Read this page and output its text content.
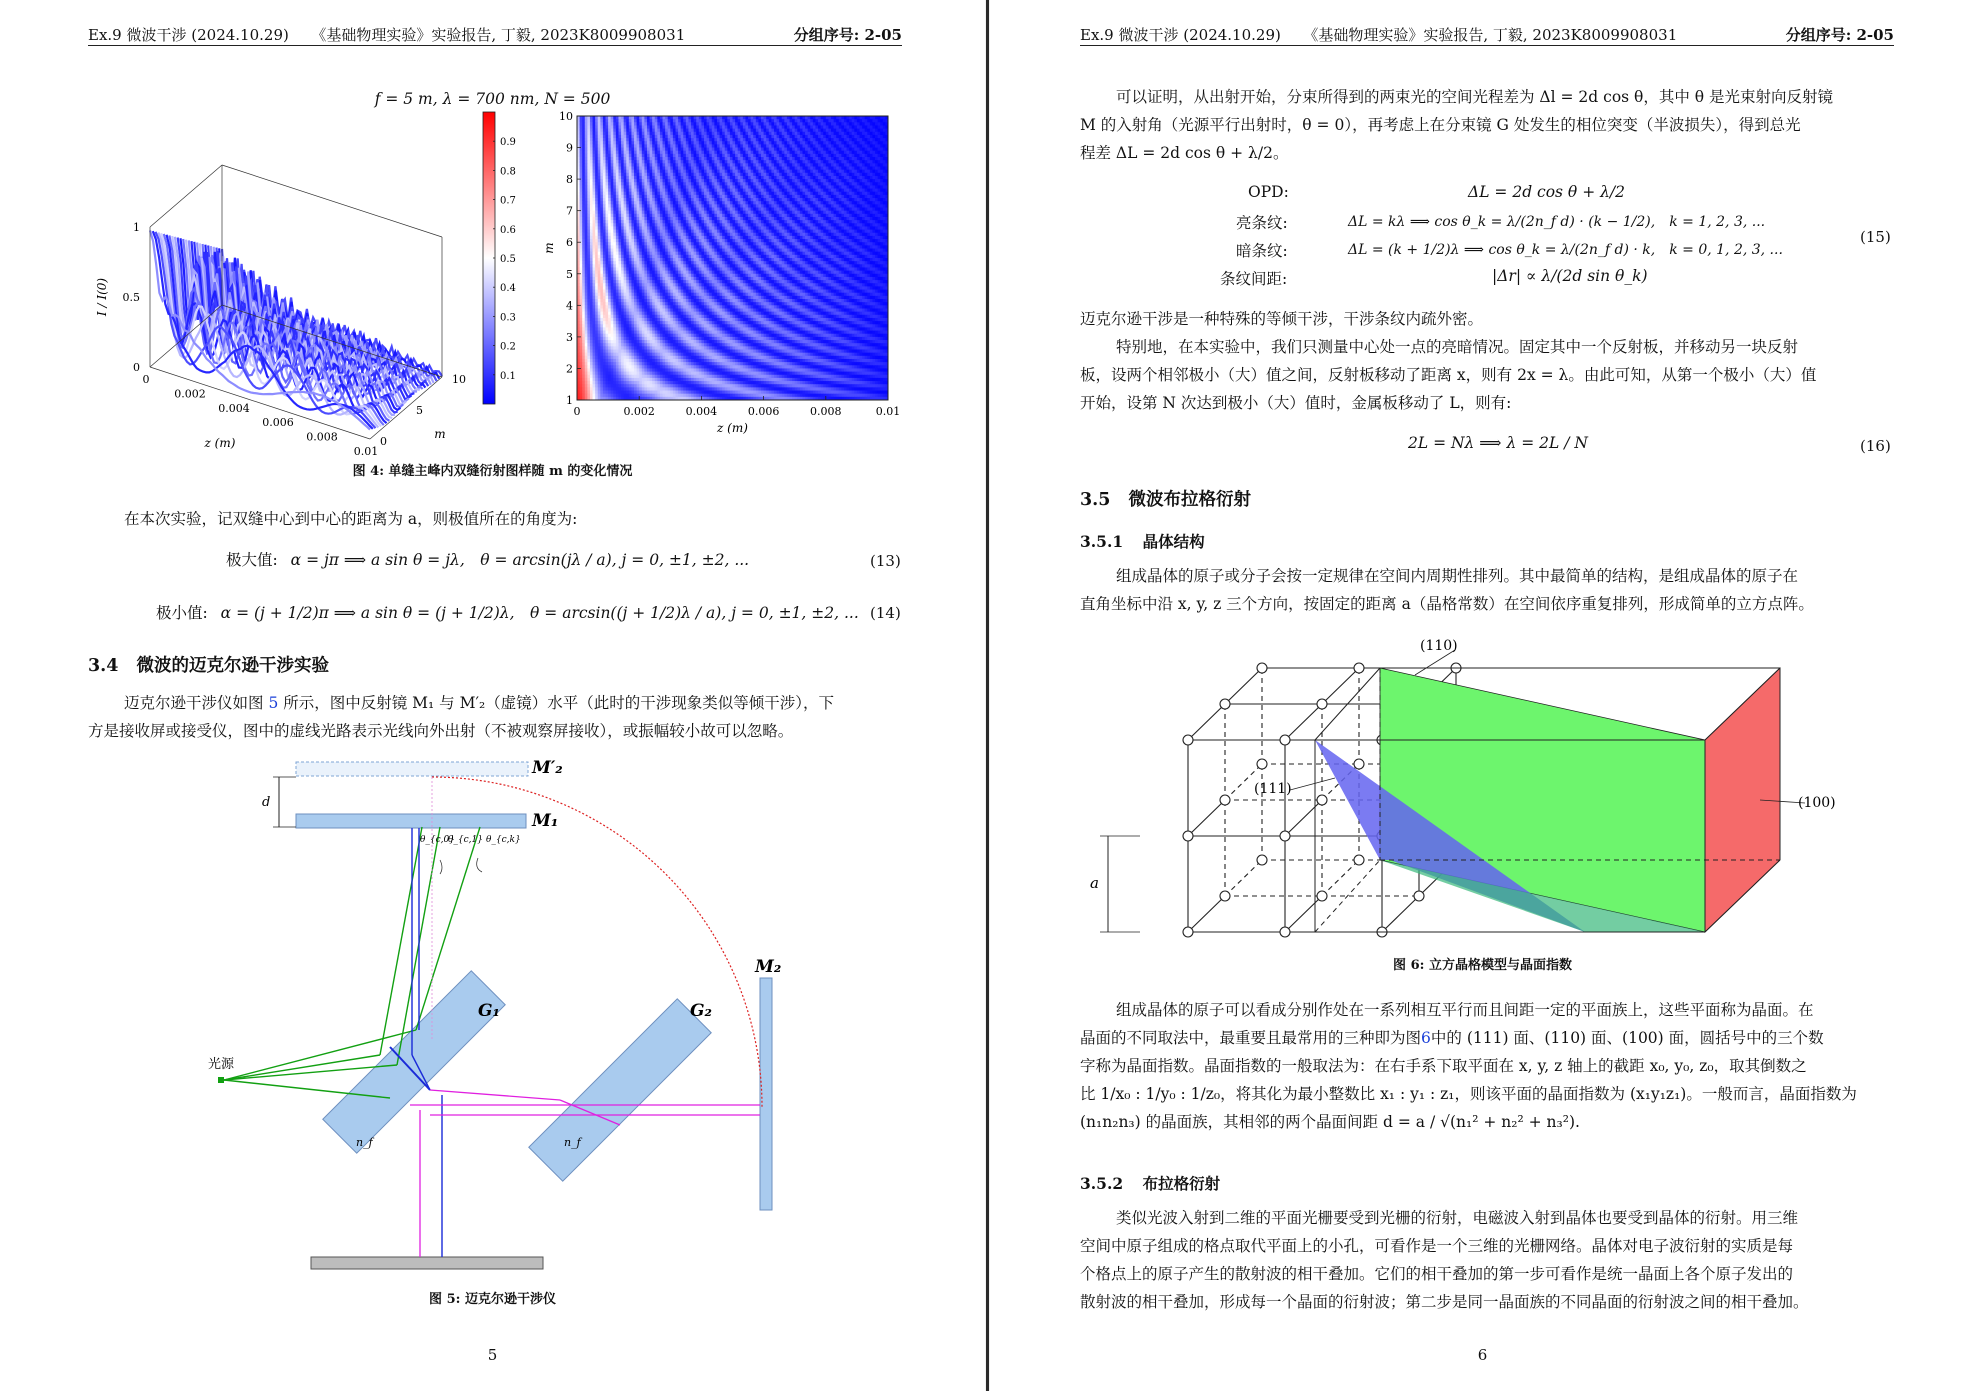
Ex.9 微波干涉 (2024.10.29)　　《基础物理实验》实验报告, 丁毅, 2023K8009908031	分组序号: 2-05
f = 5 m, λ = 700 nm, N = 500
0
0.002
0.004
0.006
0.008
0.01
0
5
10
0
0.5
1
z (m)
m
I / I(0)
0.1
0.2
0.3
0.4
0.5
0.6
0.7
0.8
0.9
0	0.002	0.004	0.006	0.008	0.01
1
2
3
4
5
6
7
8
9
10
z (m)
m
图 4: 单缝主峰内双缝衍射图样随 m 的变化情况
在本次实验，记双缝中心到中心的距离为 a，则极值所在的角度为:
极大值: α = jπ ⟹ a sin θ = jλ,　θ = arcsin(jλ / a), j = 0, ±1, ±2, ...	(13)
极小值: α = (j + 1/2)π ⟹ a sin θ = (j + 1/2)λ,　θ = arcsin((j + 1/2)λ / a), j = 0, ±1, ±2, ... (14)
3.4 微波的迈克尔逊干涉实验
迈克尔逊干涉仪如图 5 所示，图中反射镜 M₁ 与 M′₂（虚镜）水平（此时的干涉现象类似等倾干涉），下
方是接收屏或接受仪，图中的虚线光路表示光线向外出射（不被观察屏接收），或振幅较小故可以忽略。
M′₂
M₁
M₂
G₁	G₂
d
光源
n_f	n_f
θ_{c,0}
θ_{c,1} θ_{c,k}
图 5: 迈克尔逊干涉仪
5
Ex.9 微波干涉 (2024.10.29)　　《基础物理实验》实验报告, 丁毅, 2023K8009908031	分组序号: 2-05
可以证明，从出射开始，分束所得到的两束光的空间光程差为 Δl = 2d cos θ，其中 θ 是光束射向反射镜
M 的入射角（光源平行出射时，θ = 0），再考虑上在分束镜 G 处发生的相位突变（半波损失），得到总光
程差 ΔL = 2d cos θ + λ/2。
OPD:	ΔL = 2d cos θ + λ/2
亮条纹:	ΔL = kλ ⟹ cos θ_k = λ/(2n_f d) · (k − 1/2),　k = 1, 2, 3, ...
暗条纹:	ΔL = (k + 1/2)λ ⟹ cos θ_k = λ/(2n_f d) · k,　k = 0, 1, 2, 3, ...
条纹间距:	|Δr| ∝ λ/(2d sin θ_k)
(15)
迈克尔逊干涉是一种特殊的等倾干涉，干涉条纹内疏外密。
特别地，在本实验中，我们只测量中心处一点的亮暗情况。固定其中一个反射板，并移动另一块反射
板，设两个相邻极小（大）值之间，反射板移动了距离 x，则有 2x = λ。由此可知，从第一个极小（大）值
开始，设第 N 次达到极小（大）值时，金属板移动了 L，则有:
2L = Nλ ⟹ λ = 2L / N	(16)
3.5 微波布拉格衍射
3.5.1 晶体结构
组成晶体的原子或分子会按一定规律在空间内周期性排列。其中最简单的结构，是组成晶体的原子在
直角坐标中沿 x, y, z 三个方向，按固定的距离 a（晶格常数）在空间依序重复排列，形成简单的立方点阵。
a
(110)
(111)
(100)
图 6: 立方晶格模型与晶面指数
组成晶体的原子可以看成分别作处在一系列相互平行而且间距一定的平面族上，这些平面称为晶面。在
晶面的不同取法中，最重要且最常用的三种即为图6中的 (111) 面、(110) 面、(100) 面，圆括号中的三个数
字称为晶面指数。晶面指数的一般取法为：在右手系下取平面在 x, y, z 轴上的截距 x₀, y₀, z₀，取其倒数之
比 1/x₀ : 1/y₀ : 1/z₀，将其化为最小整数比 x₁ : y₁ : z₁，则该平面的晶面指数为 (x₁y₁z₁)。一般而言，晶面指数为
(n₁n₂n₃) 的晶面族，其相邻的两个晶面间距 d = a / √(n₁² + n₂² + n₃²).
3.5.2 布拉格衍射
类似光波入射到二维的平面光栅要受到光栅的衍射，电磁波入射到晶体也要受到晶体的衍射。用三维
空间中原子组成的格点取代平面上的小孔，可看作是一个三维的光栅网络。晶体对电子波衍射的实质是每
个格点上的原子产生的散射波的相干叠加。它们的相干叠加的第一步可看作是统一晶面上各个原子发出的
散射波的相干叠加，形成每一个晶面的衍射波；第二步是同一晶面族的不同晶面的衍射波之间的相干叠加。
6
